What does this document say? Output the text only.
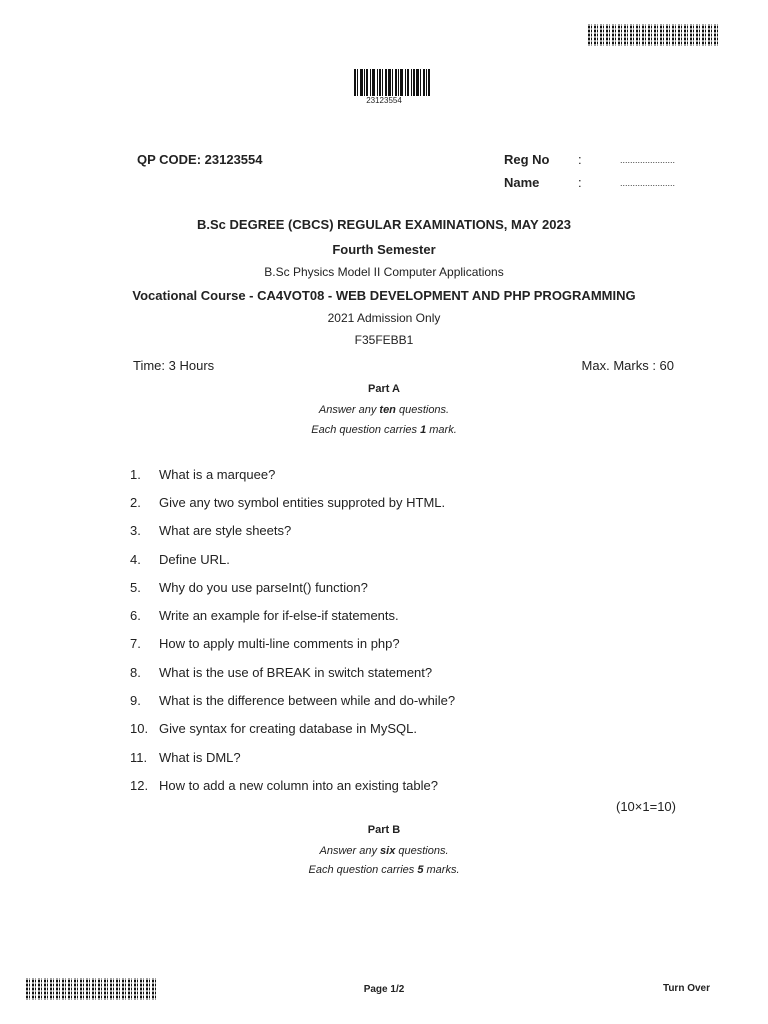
23123554
QP CODE: 23123554	Reg No :	......................
Name	:	......................
B.Sc DEGREE (CBCS) REGULAR EXAMINATIONS, MAY 2023
Fourth Semester
B.Sc Physics Model II Computer Applications
Vocational Course - CA4VOT08 - WEB DEVELOPMENT AND PHP PROGRAMMING
2021 Admission Only
F35FEBB1
Time: 3 Hours	Max. Marks : 60
Part A
Answer any ten questions.
Each question carries 1 mark.
1.	What is a marquee?
2.	Give any two symbol entities supproted by HTML.
3.	What are style sheets?
4.	Define URL.
5.	Why do you use parseInt() function?
6.	Write an example for if-else-if statements.
7.	How to apply multi-line comments in php?
8.	What is the use of BREAK in switch statement?
9.	What is the difference between while and do-while?
10. Give syntax for creating database in MySQL.
11. What is DML?
12. How to add a new column into an existing table?
(10×1=10)
Part B
Answer any six questions.
Each question carries 5 marks.
Page 1/2	Turn Over
